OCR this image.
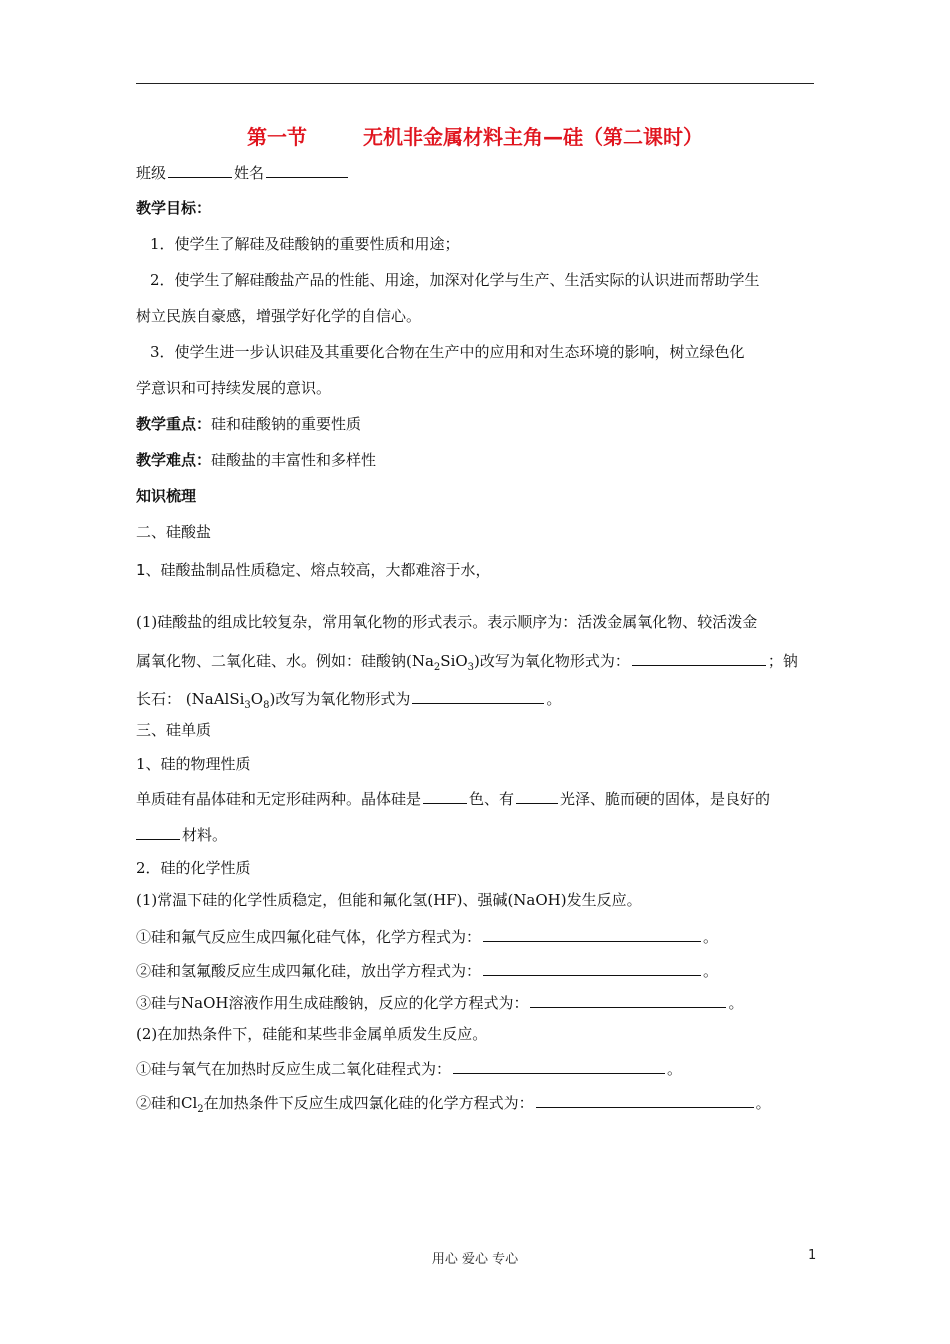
第一节	无机非金属材料主角—硅（第二课时）
班级	姓名
教学目标：
1．使学生了解硅及硅酸钠的重要性质和用途；
2．使学生了解硅酸盐产品的性能、用途，加深对化学与生产、生活实际的认识进而帮助学生
树立民族自豪感，增强学好化学的自信心。
3．使学生进一步认识硅及其重要化合物在生产中的应用和对生态环境的影响，树立绿色化
学意识和可持续发展的意识。
教学重点：硅和硅酸钠的重要性质
教学难点：硅酸盐的丰富性和多样性
知识梳理
二、硅酸盐
1、硅酸盐制品性质稳定、熔点较高，大都难溶于水，
(1)硅酸盐的组成比较复杂，常用氧化物的形式表示。表示顺序为：活泼金属氧化物、较活泼金
属氧化物、二氧化硅、水。例如：硅酸钠$(Na_2SiO_3)$改写为氧化物形式为：	；钠
长石： $(NaAlSi_3O_8)$改写为氧化物形式为	。
三、硅单质
1、硅的物理性质
单质硅有晶体硅和无定形硅两种。晶体硅是	色、有	光泽、脆而硬的固体，是良好的
材料。
2．硅的化学性质
(1)常温下硅的化学性质稳定，但能和氟化氢(HF)、强碱(NaOH)发生反应。
①硅和氟气反应生成四氟化硅气体，化学方程式为：	。
②硅和氢氟酸反应生成四氟化硅，放出学方程式为：	。
③硅与NaOH溶液作用生成硅酸钠，反应的化学方程式为：	。
(2)在加热条件下，硅能和某些非金属单质发生反应。
①硅与氧气在加热时反应生成二氧化硅程式为：	。
②硅和$Cl_2$在加热条件下反应生成四氯化硅的化学方程式为：	。
用心 爱心 专心	1
